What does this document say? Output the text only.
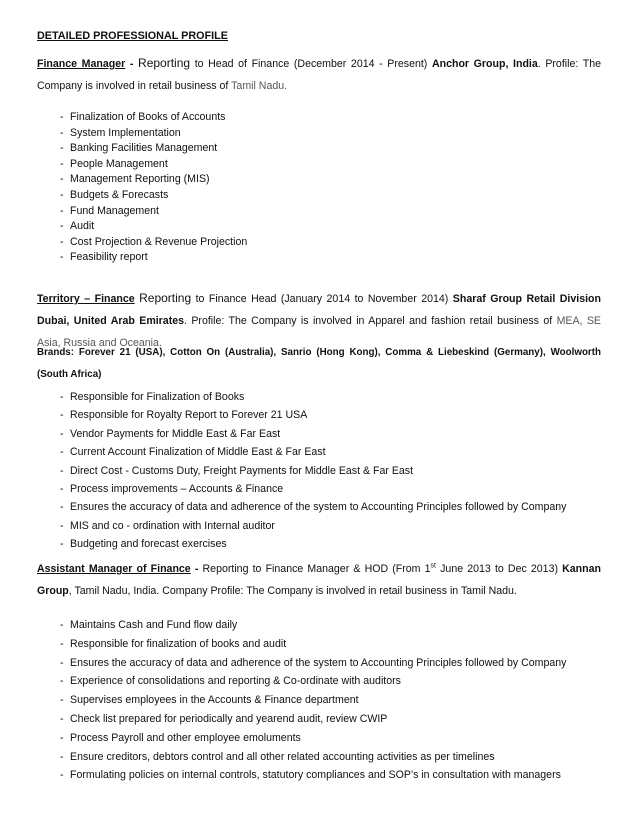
DETAILED PROFESSIONAL PROFILE
Finance Manager - Reporting to Head of Finance (December 2014 - Present) Anchor Group, India. Profile: The Company is involved in retail business of Tamil Nadu.
- Finalization of Books of Accounts
- System Implementation
- Banking Facilities Management
- People Management
- Management Reporting (MIS)
- Budgets & Forecasts
- Fund Management
- Audit
- Cost Projection & Revenue Projection
- Feasibility report
Territory – Finance Reporting to Finance Head (January 2014 to November 2014) Sharaf Group Retail Division Dubai, United Arab Emirates. Profile: The Company is involved in Apparel and fashion retail business of MEA, SE Asia, Russia and Oceania.
Brands: Forever 21 (USA), Cotton On (Australia), Sanrio (Hong Kong), Comma & Liebeskind (Germany), Woolworth (South Africa)
- Responsible for Finalization of Books
- Responsible for Royalty Report to Forever 21 USA
- Vendor Payments for Middle East & Far East
- Current Account Finalization of Middle East & Far East
- Direct Cost - Customs Duty, Freight Payments for Middle East & Far East
- Process improvements – Accounts & Finance
- Ensures the accuracy of data and adherence of the system to Accounting Principles followed by Company
- MIS and co - ordination with Internal auditor
- Budgeting and forecast exercises
Assistant Manager of Finance - Reporting to Finance Manager & HOD (From 1st June 2013 to Dec 2013) Kannan Group, Tamil Nadu, India. Company Profile: The Company is involved in retail business in Tamil Nadu.
- Maintains Cash and Fund flow daily
- Responsible for finalization of books and audit
- Ensures the accuracy of data and adherence of the system to Accounting Principles followed by Company
- Experience of consolidations and reporting & Co-ordinate with auditors
- Supervises employees in the Accounts & Finance department
- Check list prepared for periodically and yearend audit, review CWIP
- Process Payroll and other employee emoluments
- Ensure creditors, debtors control and all other related accounting activities as per timelines
- Formulating policies on internal controls, statutory compliances and SOP’s in consultation with managers
